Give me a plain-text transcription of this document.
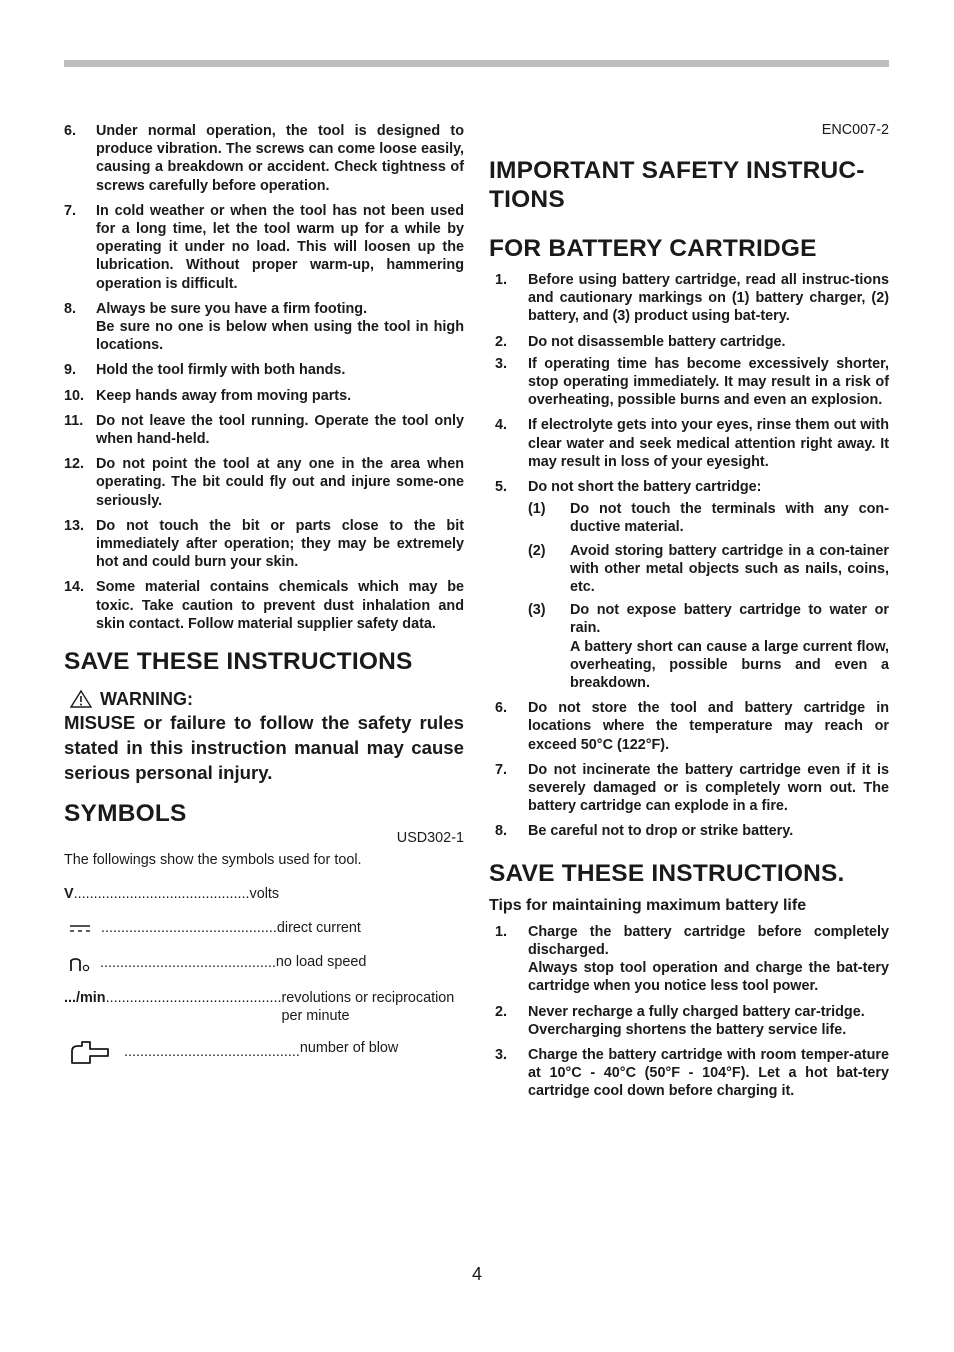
6.	Under normal operation, the tool is designed to produce vibration. The screws can come loose easily, causing a breakdown or accident. Check tightness of screws carefully before operation.
7.	In cold weather or when the tool has not been used for a long time, let the tool warm up for a while by operating it under no load. This will loosen up the lubrication. Without proper warm-up, hammering operation is difficult.
8.	Always be sure you have a firm footing.
Be sure no one is below when using the tool in high locations.
9.	Hold the tool firmly with both hands.
10. Keep hands away from moving parts.
11. Do not leave the tool running. Operate the tool only when hand-held.
12. Do not point the tool at any one in the area when operating. The bit could fly out and injure some-one seriously.
13. Do not touch the bit or parts close to the bit immediately after operation; they may be extremely hot and could burn your skin.
14. Some material contains chemicals which may be toxic. Take caution to prevent dust inhalation and skin contact. Follow material supplier safety data.
SAVE THESE INSTRUCTIONS
WARNING:
MISUSE or failure to follow the safety rules stated in this instruction manual may cause serious personal injury.
SYMBOLS
USD302-1
The followings show the symbols used for tool.
V ............................................ volts
............................................ direct current
............................................ no load speed
.../min ............................................ revolutions or reciprocation per minute
............................................ number of blow
ENC007-2
IMPORTANT SAFETY INSTRUC-TIONS
FOR BATTERY CARTRIDGE
1.	Before using battery cartridge, read all instruc-tions and cautionary markings on (1) battery charger, (2) battery, and (3) product using bat-tery.
2.	Do not disassemble battery cartridge.
3.	If operating time has become excessively shorter, stop operating immediately. It may result in a risk of overheating, possible burns and even an explosion.
4.	If electrolyte gets into your eyes, rinse them out with clear water and seek medical attention right away. It may result in loss of your eyesight.
5.	Do not short the battery cartridge:
(1)	Do not touch the terminals with any con-ductive material.
(2)	Avoid storing battery cartridge in a con-tainer with other metal objects such as nails, coins, etc.
(3)	Do not expose battery cartridge to water or rain.
A battery short can cause a large current flow, overheating, possible burns and even a breakdown.
6.	Do not store the tool and battery cartridge in locations where the temperature may reach or exceed 50°C (122°F).
7.	Do not incinerate the battery cartridge even if it is severely damaged or is completely worn out. The battery cartridge can explode in a fire.
8.	Be careful not to drop or strike battery.
SAVE THESE INSTRUCTIONS.
Tips for maintaining maximum battery life
1.	Charge the battery cartridge before completely discharged.
Always stop tool operation and charge the bat-tery cartridge when you notice less tool power.
2.	Never recharge a fully charged battery car-tridge.
Overcharging shortens the battery service life.
3.	Charge the battery cartridge with room temper-ature at 10°C - 40°C (50°F - 104°F). Let a hot bat-tery cartridge cool down before charging it.
4
